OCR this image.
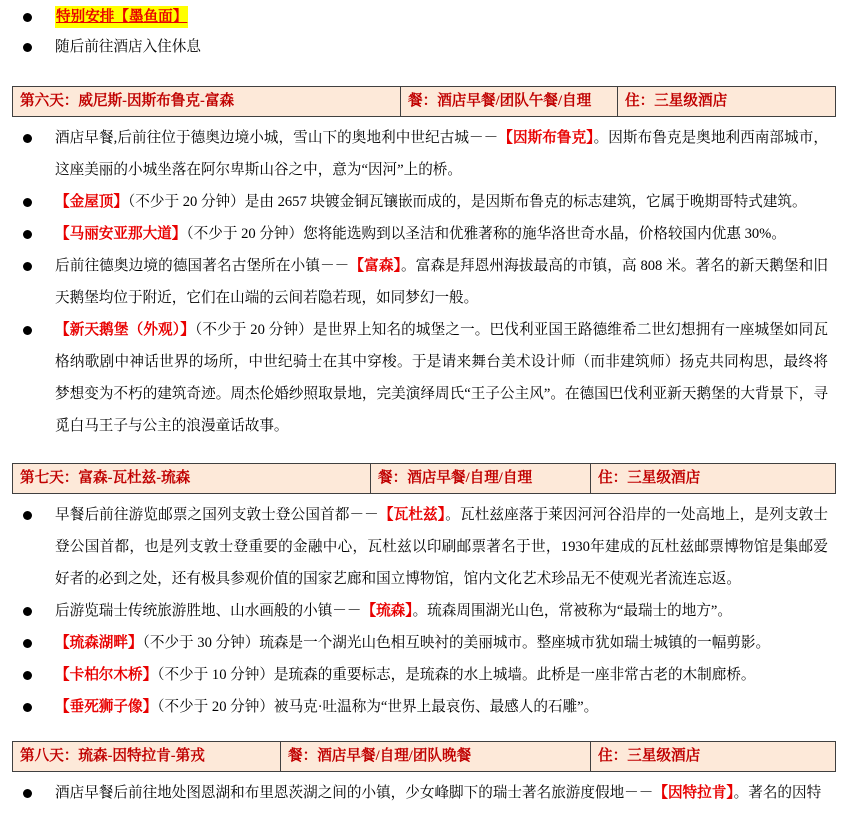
特别安排【墨鱼面】
随后前往酒店入住休息
第六天：威尼斯-因斯布鲁克-富森	餐：酒店早餐/团队午餐/自理	住：三星级酒店
酒店早餐,后前往位于德奥边境小城，雪山下的奥地利中世纪古城－－【因斯布鲁克】。因斯布鲁克是奥地利西南部城市，这座美丽的小城坐落在阿尔卑斯山谷之中，意为“因河”上的桥。
【金屋顶】（不少于 20 分钟）是由 2657 块镀金铜瓦镶嵌而成的，是因斯布鲁克的标志建筑，它属于晚期哥特式建筑。
【马丽安亚那大道】（不少于 20 分钟）您将能选购到以圣洁和优雅著称的施华洛世奇水晶，价格较国内优惠 30%。
后前往德奥边境的德国著名古堡所在小镇－－【富森】。富森是拜恩州海拔最高的市镇，高 808 米。著名的新天鹅堡和旧天鹅堡均位于附近，它们在山端的云间若隐若现，如同梦幻一般。
【新天鹅堡（外观）】（不少于 20 分钟）是世界上知名的城堡之一。巴伐利亚国王路德维希二世幻想拥有一座城堡如同瓦格纳歌剧中神话世界的场所，中世纪骑士在其中穿梭。于是请来舞台美术设计师（而非建筑师）扬克共同构思，最终将梦想变为不朽的建筑奇迹。周杰伦婚纱照取景地，完美演绎周氏“王子公主风”。在德国巴伐利亚新天鹅堡的大背景下，寻觅白马王子与公主的浪漫童话故事。
第七天：富森-瓦杜兹-琉森	餐：酒店早餐/自理/自理	住：三星级酒店
早餐后前往游览邮票之国列支敦士登公国首都－－【瓦杜兹】。瓦杜兹座落于莱因河河谷沿岸的一处高地上，是列支敦士登公国首都，也是列支敦士登重要的金融中心，瓦杜兹以印刷邮票著名于世，1930年建成的瓦杜兹邮票博物馆是集邮爱好者的必到之处，还有极具参观价值的国家艺廊和国立博物馆，馆内文化艺术珍品无不使观光者流连忘返。
后游览瑞士传统旅游胜地、山水画般的小镇－－【琉森】。琉森周围湖光山色，常被称为“最瑞士的地方”。
【琉森湖畔】（不少于 30 分钟）琉森是一个湖光山色相互映衬的美丽城市。整座城市犹如瑞士城镇的一幅剪影。
【卡柏尔木桥】（不少于 10 分钟）是琉森的重要标志，是琉森的水上城墙。此桥是一座非常古老的木制廊桥。
【垂死狮子像】（不少于 20 分钟）被马克·吐温称为“世界上最哀伤、最感人的石雕”。
第八天：琉森-因特拉肯-第戎	餐：酒店早餐/自理/团队晚餐	住：三星级酒店
酒店早餐后前往地处图恩湖和布里恩茨湖之间的小镇，少女峰脚下的瑞士著名旅游度假地－－【因特拉肯】。著名的因特
